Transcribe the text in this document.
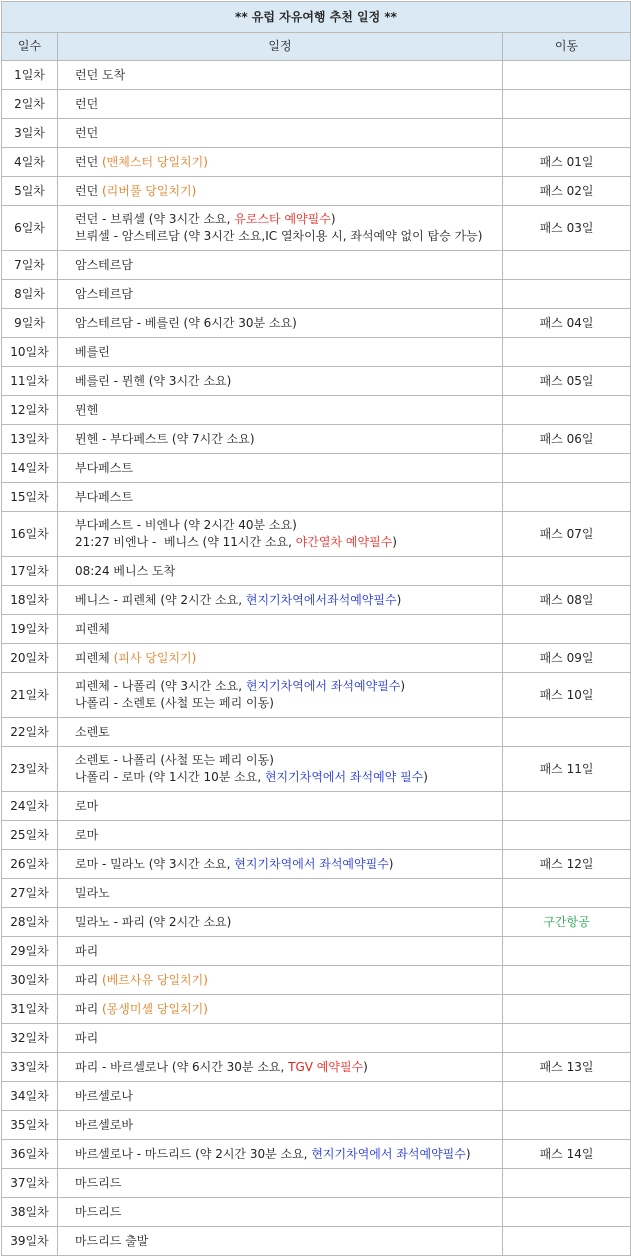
** 유럽 자유여행 추천 일정 **		
일수	일정	이동
1일차	런던 도착	

2일차	런던	

3일차	런던	

4일차	런던 (맨체스터 당일치기)	패스 01일
5일차	런던 (리버풀 당일치기)	패스 02일
6일차	런던 - 브뤼셀 (약 3시간 소요, 유로스타 예약필수)
브뤼셀 - 암스테르담 (약 3시간 소요,IC 열차이용 시, 좌석예약 없이 탑승 가능)	패스 03일
7일차	암스테르담	

8일차	암스테르담	

9일차	암스테르담 - 베를린 (약 6시간 30분 소요)	패스 04일
10일차	베를린	

11일차	베를린 - 뮌헨 (약 3시간 소요)	패스 05일
12일차	뮌헨	

13일차	뮌헨 - 부다페스트 (약 7시간 소요)	패스 06일
14일차	부다페스트	

15일차	부다페스트	

16일차	부다페스트 - 비엔나 (약 2시간 40분 소요)
21:27 비엔나 -  베니스 (약 11시간 소요, 야간열차 예약필수)	패스 07일
17일차	08:24 베니스 도착	

18일차	베니스 - 피렌체 (약 2시간 소요, 현지기차역에서좌석예약필수)	패스 08일
19일차	피렌체	

20일차	피렌체 (피사 당일치기)	패스 09일
21일차	피렌체 - 나폴리 (약 3시간 소요, 현지기차역에서 좌석예약필수)
나폴리 - 소렌토 (사철 또는 페리 이동)	패스 10일
22일차	소렌토	

23일차	소렌토 - 나폴리 (사철 또는 페리 이동)
나폴리 - 로마 (약 1시간 10분 소요, 현지기차역에서 좌석예약 필수)	패스 11일
24일차	로마	

25일차	로마	

26일차	로마 - 밀라노 (약 3시간 소요, 현지기차역에서 좌석예약필수)	패스 12일
27일차	밀라노	

28일차	밀라노 - 파리 (약 2시간 소요)	구간항공
29일차	파리	

30일차	파리 (베르사유 당일치기)	

31일차	파리 (몽생미셸 당일치기)	

32일차	파리	

33일차	파리 - 바르셀로나 (약 6시간 30분 소요, TGV 예약필수)	패스 13일
34일차	바르셀로나	

35일차	바르셀로바	

36일차	바르셀로나 - 마드리드 (약 2시간 30분 소요, 현지기차역에서 좌석예약필수)	패스 14일
37일차	마드리드	

38일차	마드리드	

39일차	마드리드 출발	
